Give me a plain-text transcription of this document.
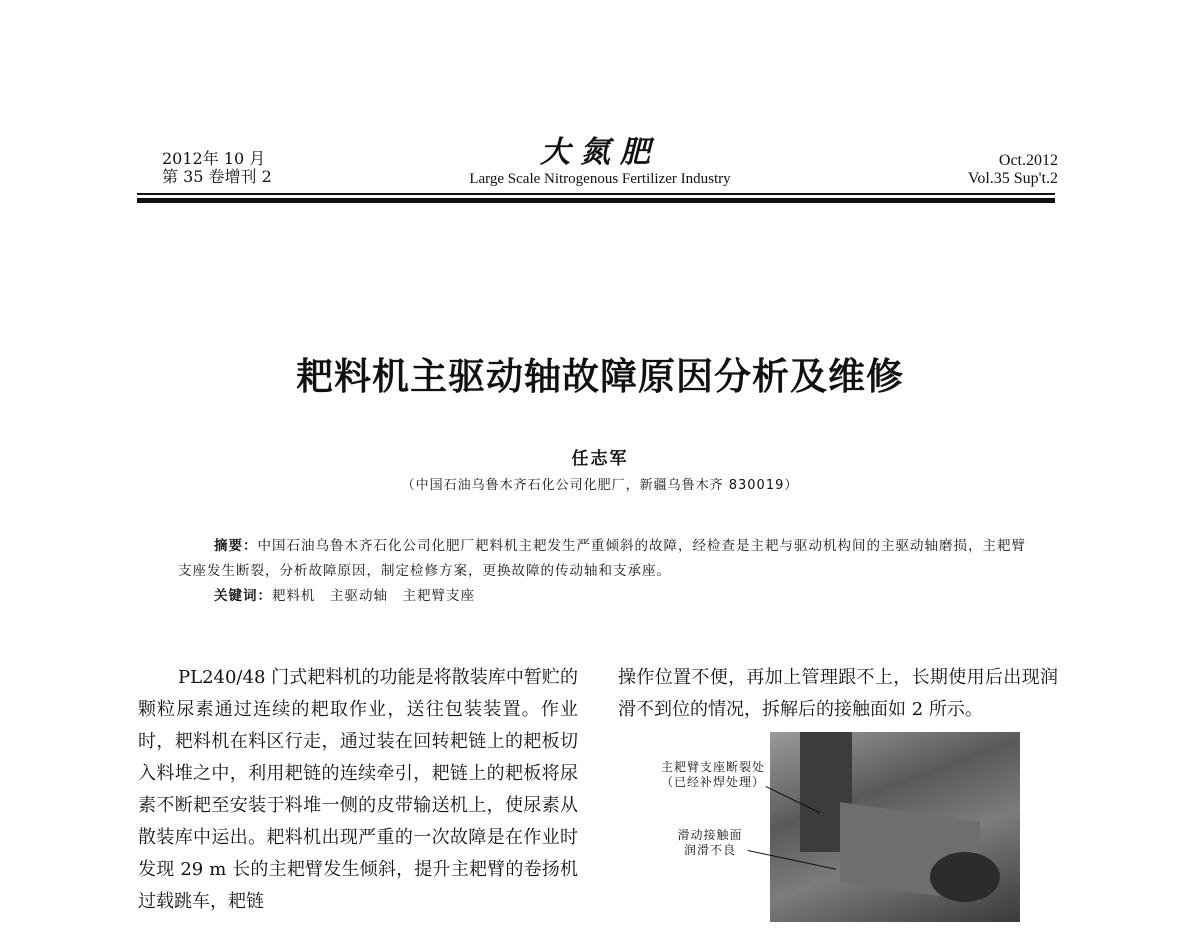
2012年 10 月
第 35 卷增刊 2
大氮肥
Large Scale Nitrogenous Fertilizer Industry
Oct.2012
Vol.35 Sup't.2
耙料机主驱动轴故障原因分析及维修
任志军
（中国石油乌鲁木齐石化公司化肥厂，新疆乌鲁木齐 830019）

摘要：中国石油乌鲁木齐石化公司化肥厂耙料机主耙发生严重倾斜的故障，经检查是主耙与驱动机构间的主驱动轴磨损，主耙臂支座发生断裂，分析故障原因，制定检修方案，更换故障的传动轴和支承座。

关键词：耙料机　主驱动轴　主耙臂支座

PL240/48 门式耙料机的功能是将散装库中暂贮的颗粒尿素通过连续的耙取作业，送往包装装置。作业时，耙料机在料区行走，通过装在回转耙链上的耙板切入料堆之中，利用耙链的连续牵引，耙链上的耙板将尿素不断耙至安装于料堆一侧的皮带输送机上，使尿素从散装库中运出。耙料机出现严重的一次故障是在作业时发现 29 m 长的主耙臂发生倾斜，提升主耙臂的卷扬机过载跳车，耙链
操作位置不便，再加上管理跟不上，长期使用后出现润滑不到位的情况，拆解后的接触面如 2 所示。
主耙臂支座断裂处
（已经补焊处理）
滑动接触面
润滑不良
